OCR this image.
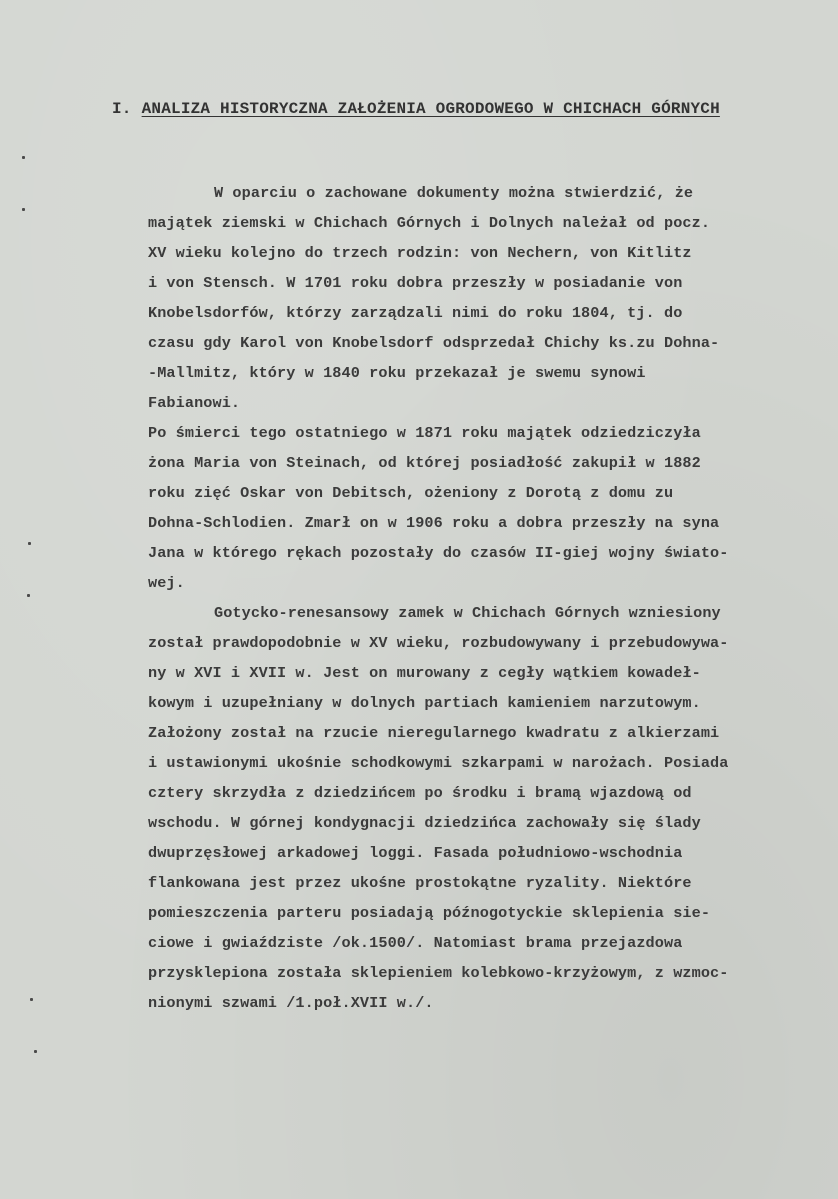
I. ANALIZA HISTORYCZNA ZAŁOŻENIA OGRODOWEGO W CHICHACH GÓRNYCH
W oparciu o zachowane dokumenty można stwierdzić, że
majątek ziemski w Chichach Górnych i Dolnych należał od pocz.
XV wieku kolejno do trzech rodzin: von Nechern, von Kitlitz
i von Stensch. W 1701 roku dobra przeszły w posiadanie von
Knobelsdorfów, którzy zarządzali nimi do roku 1804, tj. do
czasu gdy Karol von Knobelsdorf odsprzedał Chichy ks.zu Dohna-
-Mallmitz, który w 1840 roku przekazał je swemu synowi
Fabianowi.
Po śmierci tego ostatniego w 1871 roku majątek odziedziczyła
żona Maria von Steinach, od której posiadłość zakupił w 1882
roku zięć Oskar von Debitsch, ożeniony z Dorotą z domu zu
Dohna-Schlodien. Zmarł on w 1906 roku a dobra przeszły na syna
Jana w którego rękach pozostały do czasów II-giej wojny świato-
wej.
Gotycko-renesansowy zamek w Chichach Górnych wzniesiony
został prawdopodobnie w XV wieku, rozbudowywany i przebudowywa-
ny w XVI i XVII w. Jest on murowany z cegły wątkiem kowadeł-
kowym i uzupełniany w dolnych partiach kamieniem narzutowym.
Założony został na rzucie nieregularnego kwadratu z alkierzami
i ustawionymi ukośnie schodkowymi szkarpami w narożach. Posiada
cztery skrzydła z dziedzińcem po środku i bramą wjazdową od
wschodu. W górnej kondygnacji dziedzińca zachowały się ślady
dwuprzęsłowej arkadowej loggi. Fasada południowo-wschodnia
flankowana jest przez ukośne prostokątne ryzality. Niektóre
pomieszczenia parteru posiadają późnogotyckie sklepienia sie-
ciowe i gwiaździste /ok.1500/. Natomiast brama przejazdowa
przysklepiona została sklepieniem kolebkowo-krzyżowym, z wzmoc-
nionymi szwami /1.poł.XVII w./.
